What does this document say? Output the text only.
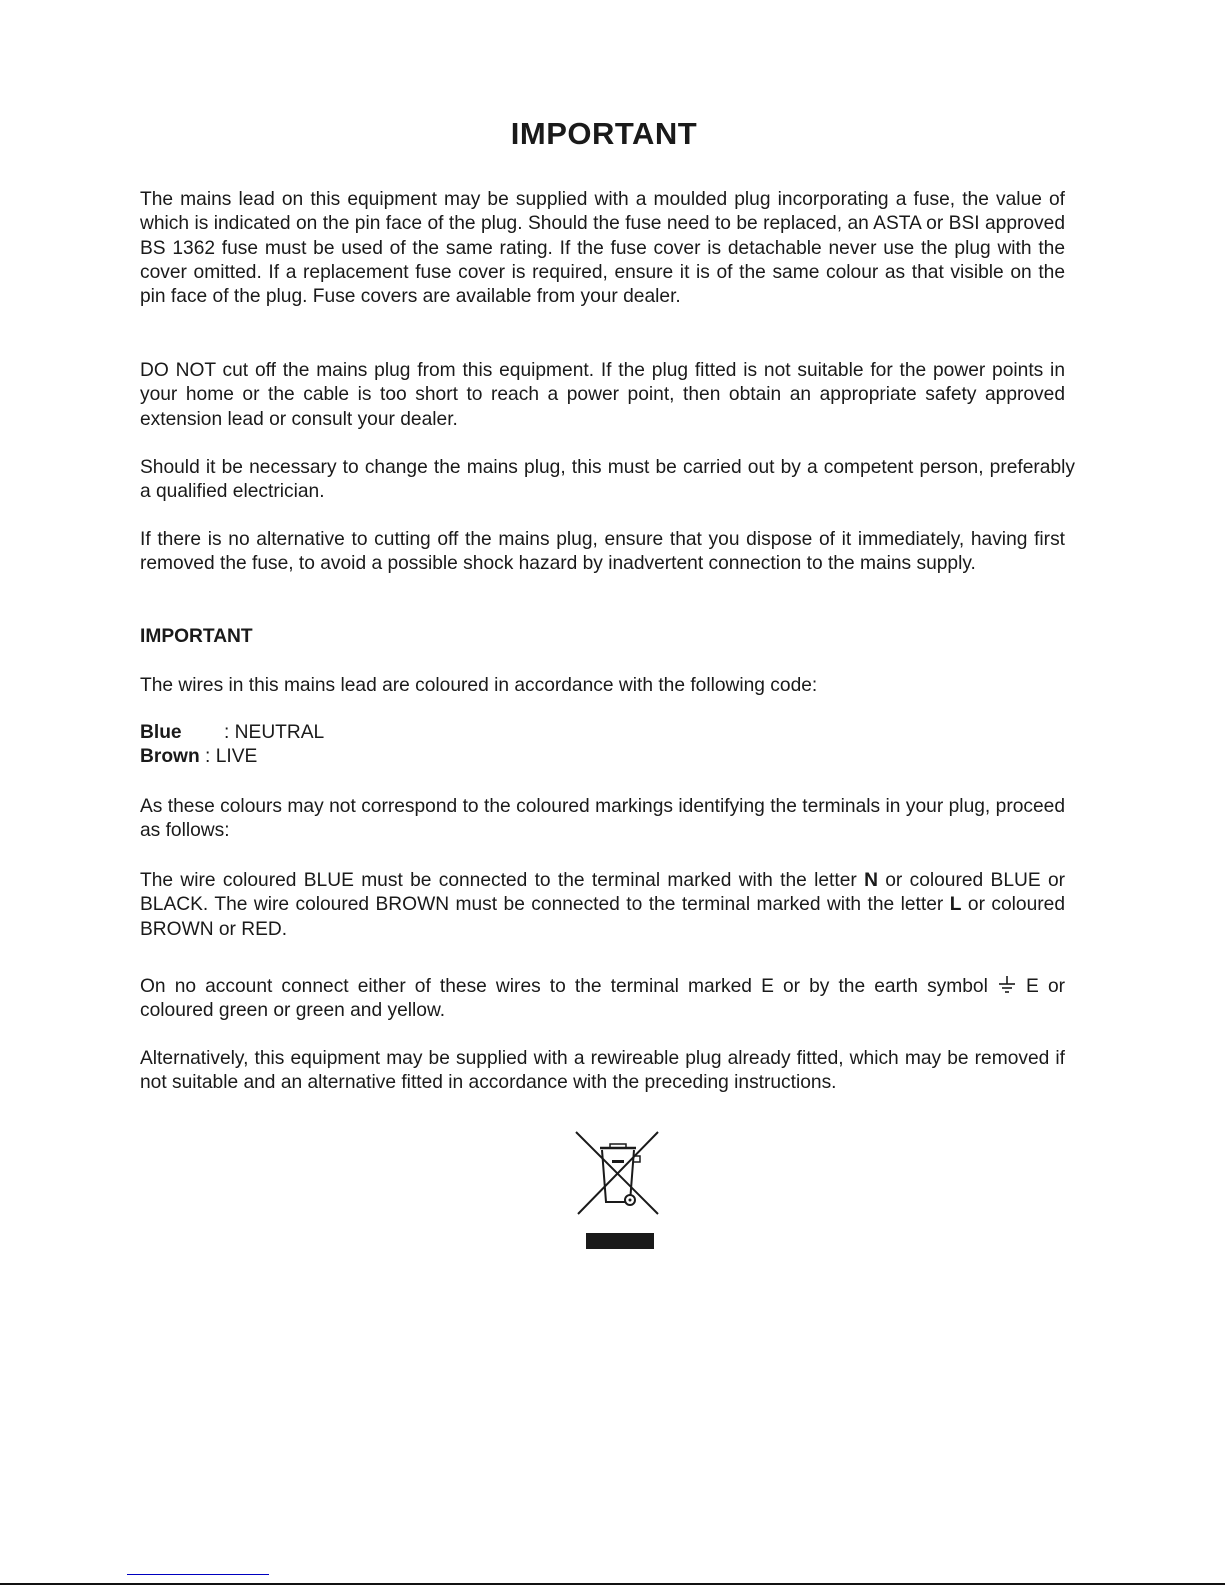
IMPORTANT

The mains lead on this equipment may be supplied with a moulded plug incorporating a fuse, the value of which is indicated on the pin face of the plug. Should the fuse need to be replaced, an ASTA or BSI approved BS 1362 fuse must be used of the same rating. If the fuse cover is detachable never use the plug with the cover omitted. If a replacement fuse cover is required, ensure it is of the same colour as that visible on the pin face of the plug. Fuse covers are available from your dealer.

DO NOT cut off the mains plug from this equipment. If the plug fitted is not suitable for the power points in your home or the cable is too short to reach a power point, then obtain an appropriate safety approved extension lead or consult your dealer.

Should it be necessary to change the mains plug, this must be carried out by a competent person, preferably a qualified electrician.

If there is no alternative to cutting off the mains plug, ensure that you dispose of it immediately, having first removed the fuse, to avoid a possible shock hazard by inadvertent connection to the mains supply.

IMPORTANT
The wires in this mains lead are coloured in accordance with the following code:
Blue : NEUTRAL
Brown : LIVE

As these colours may not correspond to the coloured markings identifying the terminals in your plug, proceed as follows:

The wire coloured BLUE must be connected to the terminal marked with the letter N or coloured BLUE or BLACK. The wire coloured BROWN must be connected to the terminal marked with the letter L or coloured BROWN or RED.

On no account connect either of these wires to the terminal marked E or by the earth symbol  E or coloured green or green and yellow.

Alternatively, this equipment may be supplied with a rewireable plug already fitted, which may be removed if not suitable and an alternative fitted in accordance with the preceding instructions.
